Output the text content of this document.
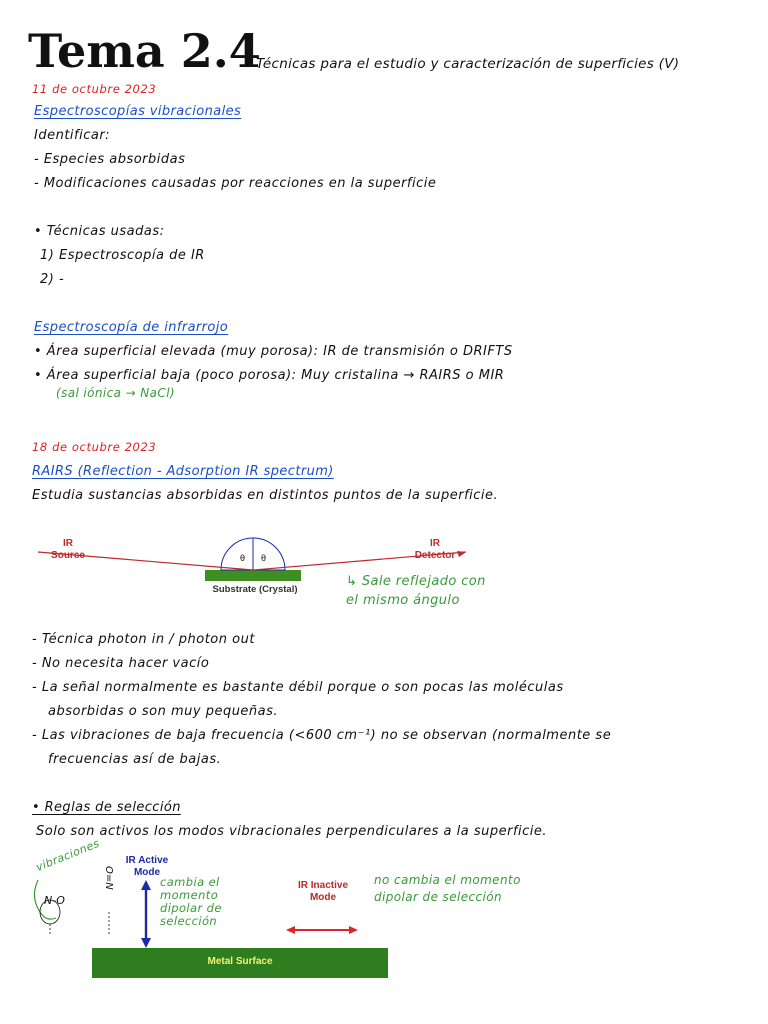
Tema 2.4
Técnicas para el estudio y caracterización de superficies (V)
11 de octubre 2023
Espectroscopías vibracionales
Identificar:
- Especies absorbidas
- Modificaciones causadas por reacciones en la superficie
• Técnicas usadas:
1) Espectroscopía de IR
2) -
Espectroscopía de infrarrojo
• Área superficial elevada (muy porosa): IR de transmisión o DRIFTS
• Área superficial baja (poco porosa): Muy cristalina → RAIRS o MIR
(sal iónica → NaCl)
18 de octubre 2023
RAIRS (Reflection - Adsorption IR spectrum)
Estudia sustancias absorbidas en distintos puntos de la superficie.
θ θ
IR
Source
IR
Detector
Substrate (Crystal)
↳ Sale reflejado con
el mismo ángulo
- Técnica photon in / photon out
- No necesita hacer vacío
- La señal normalmente es bastante débil porque o son pocas las moléculas
absorbidas o son muy pequeñas.
- Las vibraciones de baja frecuencia (<600 cm⁻¹) no se observan (normalmente se
frecuencias así de bajas.
• Reglas de selección
Solo son activos los modos vibracionales perpendiculares a la superficie.
vibraciones
N-O
O=N
IR Active
Mode
IR Inactive
Mode
cambia el momento dipolar de selección
no cambia el momento dipolar de selección
Metal Surface
